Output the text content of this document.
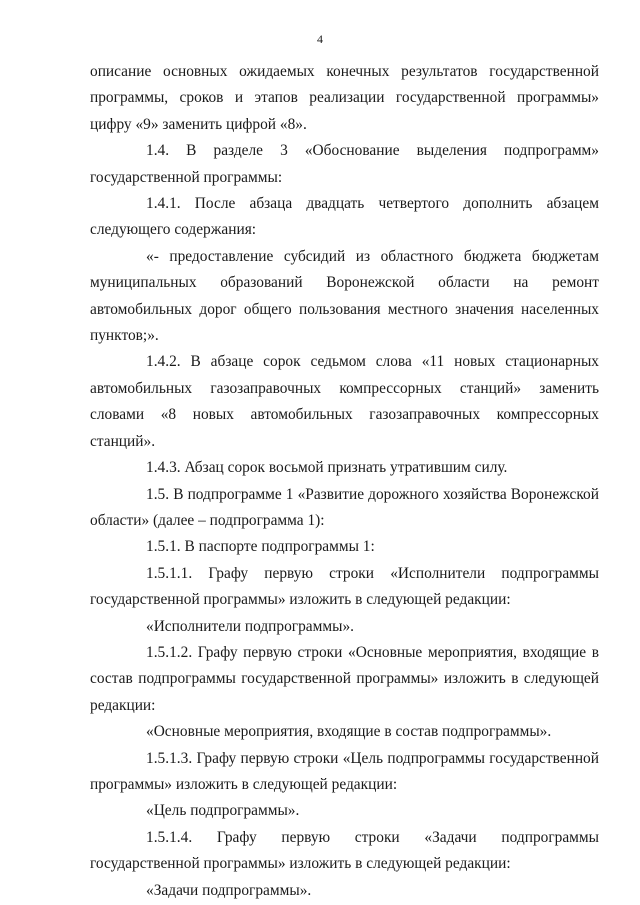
4

описание основных ожидаемых конечных результатов государственной программы, сроков и этапов реализации государственной программы» цифру «9» заменить цифрой «8».

1.4. В разделе 3 «Обоснование выделения подпрограмм» государственной программы:

1.4.1. После абзаца двадцать четвертого дополнить абзацем следующего содержания:

«- предоставление субсидий из областного бюджета бюджетам муниципальных образований Воронежской области на ремонт автомобильных дорог общего пользования местного значения населенных пунктов;».

1.4.2. В абзаце сорок седьмом слова «11 новых стационарных автомобильных газозаправочных компрессорных станций» заменить словами «8 новых автомобильных газозаправочных компрессорных станций».

1.4.3. Абзац сорок восьмой признать утратившим силу.

1.5. В подпрограмме 1 «Развитие дорожного хозяйства Воронежской области» (далее – подпрограмма 1):

1.5.1. В паспорте подпрограммы 1:

1.5.1.1. Графу первую строки «Исполнители подпрограммы государственной программы» изложить в следующей редакции:

«Исполнители подпрограммы».

1.5.1.2. Графу первую строки «Основные мероприятия, входящие в состав подпрограммы государственной программы» изложить в следующей редакции:

«Основные мероприятия, входящие в состав подпрограммы».

1.5.1.3. Графу первую строки «Цель подпрограммы государственной программы» изложить в следующей редакции:

«Цель подпрограммы».

1.5.1.4. Графу первую строки «Задачи подпрограммы государственной программы» изложить в следующей редакции:

«Задачи подпрограммы».
